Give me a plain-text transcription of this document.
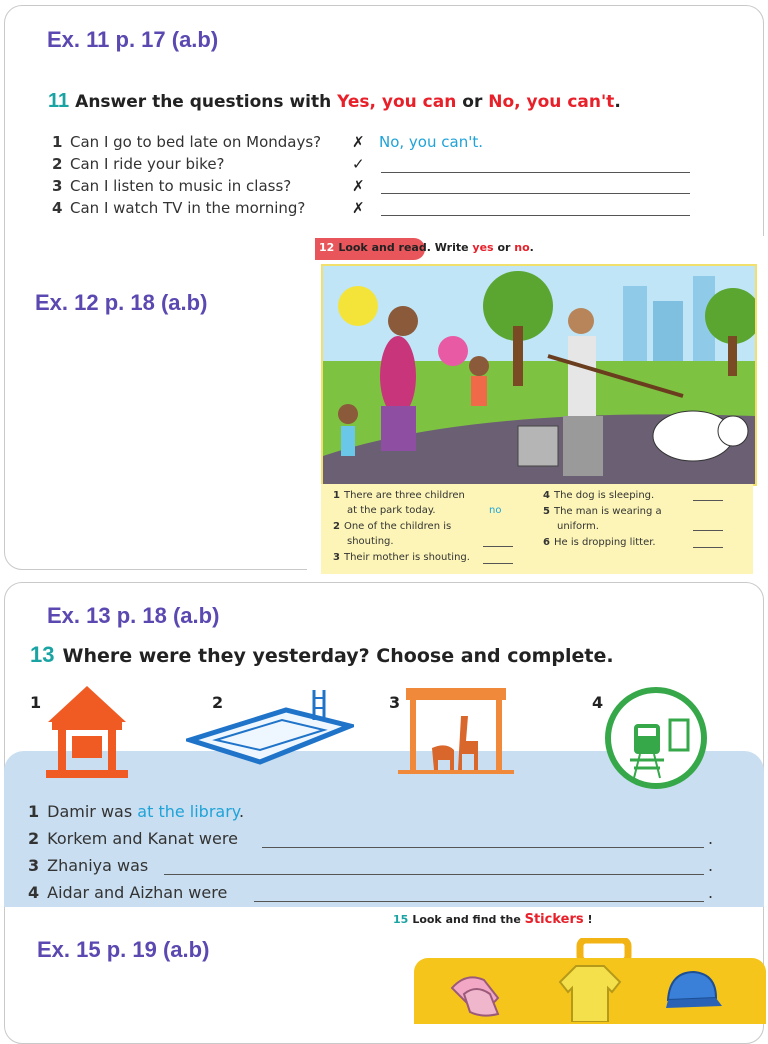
Ex. 11 p. 17 (a.b)
11 Answer the questions with Yes, you can or No, you can't.
1 Can I go to bed late on Mondays? ✗ No, you can't.
2 Can I ride your bike?	✓
3 Can I listen to music in class?	✗
4 Can I watch TV in the morning?	✗
Ex. 12 p. 18 (a.b)
12 Look and read. Write yes or no.
1 There are three children
at the park today.	no
2 One of the children is
shouting.
3 Their mother is shouting.
4 The dog is sleeping.
5 The man is wearing a
uniform.
6 He is dropping litter.
Ex. 13 p. 18 (a.b)
13 Where were they yesterday? Choose and complete.
1	2	3	4
1 Damir was at the library.
2 Korkem and Kanat were	.
3 Zhaniya was	.
4 Aidar and Aizhan were	.
Ex. 15 p. 19 (a.b)
15 Look and find the Stickers !
